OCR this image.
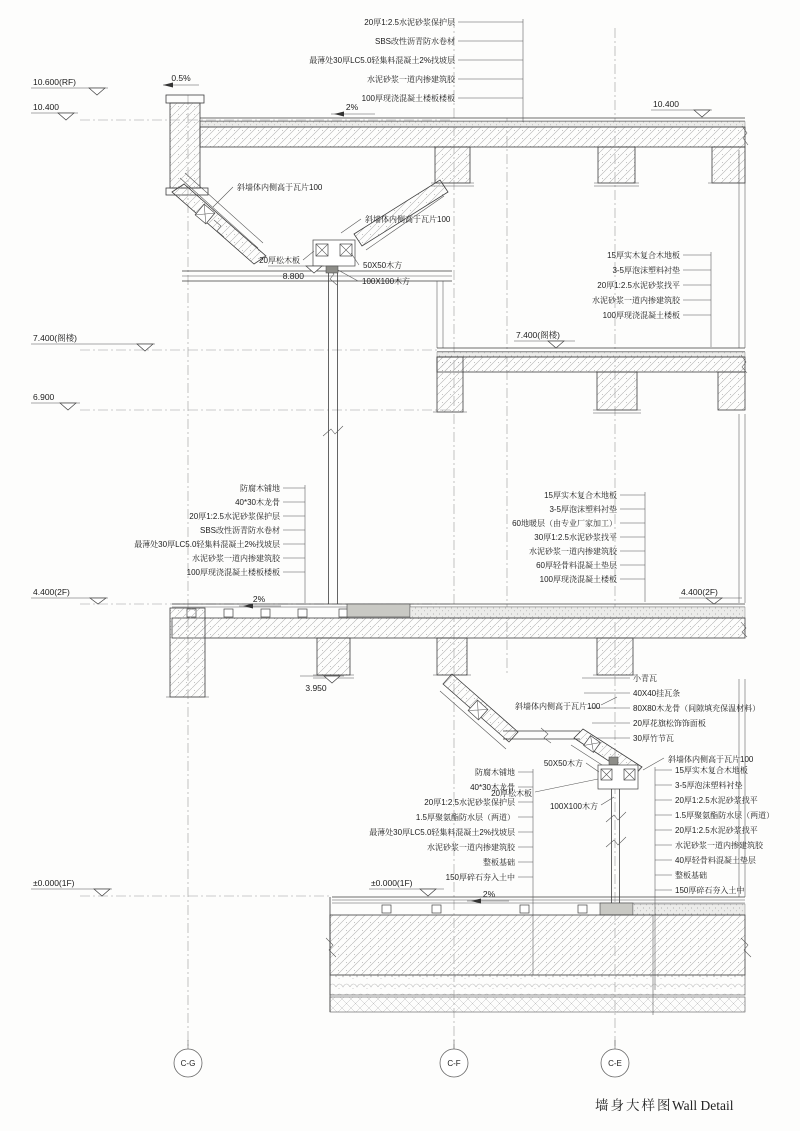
20厚1:2.5水泥砂浆保护层
SBS改性沥青防水卷材
最薄处30厚LC5.0轻集料混凝土2%找坡层
水泥砂浆一道内掺建筑胶
100厚现浇混凝土楼板楼板
15厚实木复合木地板
3-5厚泡沫塑料衬垫
20厚1:2.5水泥砂浆找平
水泥砂浆一道内掺建筑胶
100厚现浇混凝土楼板
防腐木铺地
40*30木龙骨
20厚1:2.5水泥砂浆保护层
SBS改性沥青防水卷材
最薄处30厚LC5.0轻集料混凝土2%找坡层
水泥砂浆一道内掺建筑胶
100厚现浇混凝土楼板楼板
15厚实木复合木地板
3-5厚泡沫塑料衬垫
60地暖层（由专业厂家加工）
30厚1:2.5水泥砂浆找平
水泥砂浆一道内掺建筑胶
60厚轻骨料混凝土垫层
100厚现浇混凝土楼板
小青瓦
40X40挂瓦条
80X80木龙骨（间隙填充保温材料）
20厚花旗松饰饰面板
30厚竹节瓦
防腐木铺地
40*30木龙骨
20厚1:2.5水泥砂浆保护层
1.5厚聚氨酯防水层（两道）
最薄处30厚LC5.0轻集料混凝土2%找坡层
水泥砂浆一道内掺建筑胶
整板基础
150厚碎石夯入土中
15厚实木复合木地板
3-5厚泡沫塑料衬垫
20厚1:2.5水泥砂浆找平
1.5厚聚氨酯防水层（两道）
20厚1:2.5水泥砂浆找平
水泥砂浆一道内掺建筑胶
40厚轻骨料混凝土垫层
整板基础
150厚碎石夯入土中
斜墙体内侧高于瓦片100
斜墙体内侧高于瓦片100
斜墙体内侧高于瓦片100
斜墙体内侧高于瓦片100
20厚松木板
20厚松木板
50X50木方
50X50木方
100X100木方
100X100木方
10.600(RF)
10.400	10.400
7.400(阁楼)	7.400(阁楼)
6.900
8.800
4.400(2F)	4.400(2F)
3.950
±0.000(1F)	±0.000(1F)
0.5%
2%
2%
2%
C-G	C-F	C-E
墙身大样图 Wall Detail
